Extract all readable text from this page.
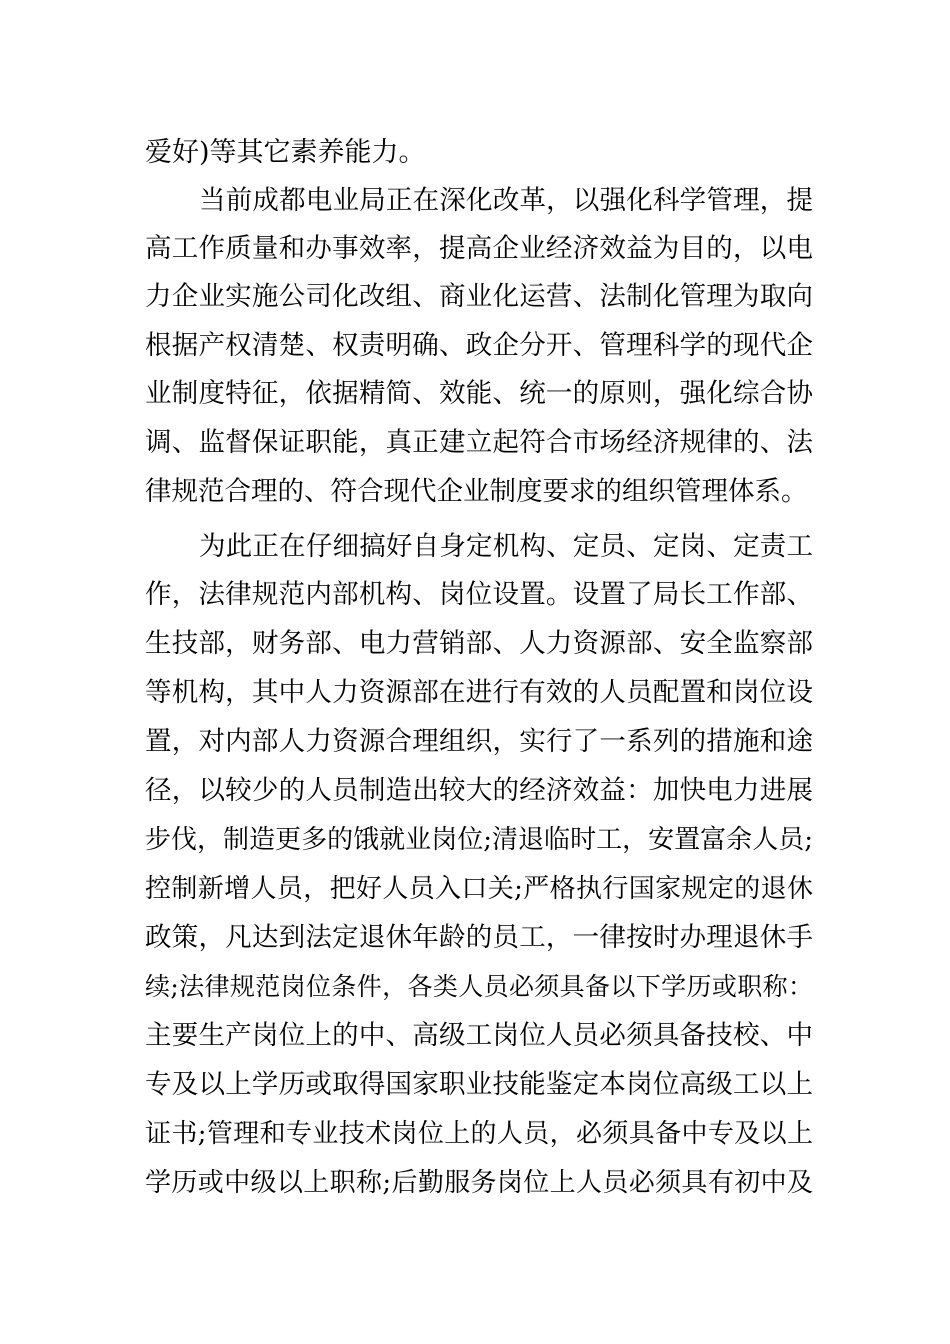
爱好)等其它素养能力。
当前成都电业局正在深化改革，以强化科学管理，提
高工作质量和办事效率，提高企业经济效益为目的，以电
力企业实施公司化改组、商业化运营、法制化管理为取向
根据产权清楚、权责明确、政企分开、管理科学的现代企
业制度特征，依据精简、效能、统一的原则，强化综合协
调、监督保证职能，真正建立起符合市场经济规律的、法
律规范合理的、符合现代企业制度要求的组织管理体系。
为此正在仔细搞好自身定机构、定员、定岗、定责工
作，法律规范内部机构、岗位设置。设置了局长工作部、
生技部，财务部、电力营销部、人力资源部、安全监察部
等机构，其中人力资源部在进行有效的人员配置和岗位设
置，对内部人力资源合理组织，实行了一系列的措施和途
径，以较少的人员制造出较大的经济效益：加快电力进展
步伐，制造更多的饿就业岗位;清退临时工，安置富余人员;
控制新增人员，把好人员入口关;严格执行国家规定的退休
政策，凡达到法定退休年龄的员工，一律按时办理退休手
续;法律规范岗位条件，各类人员必须具备以下学历或职称：
主要生产岗位上的中、高级工岗位人员必须具备技校、中
专及以上学历或取得国家职业技能鉴定本岗位高级工以上
证书;管理和专业技术岗位上的人员，必须具备中专及以上
学历或中级以上职称;后勤服务岗位上人员必须具有初中及
